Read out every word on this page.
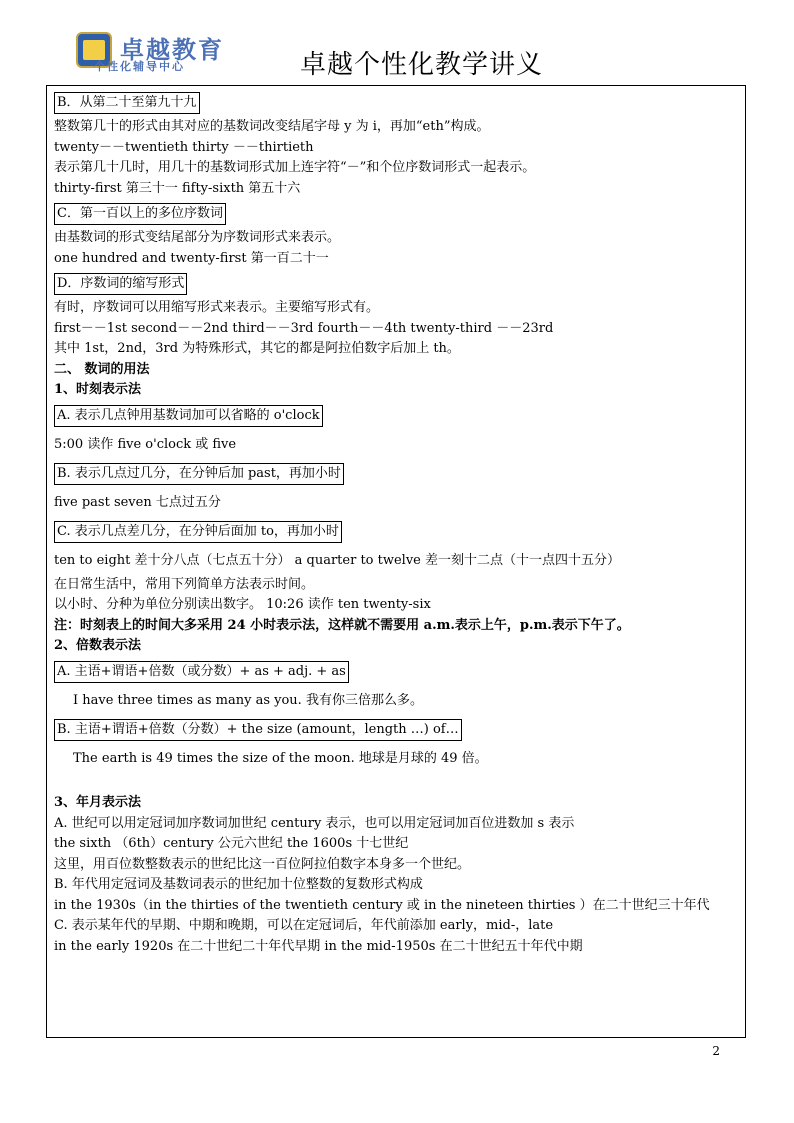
卓越教育
个性化辅导中心	卓越个性化教学讲义
B．从第二十至第九十九
整数第几十的形式由其对应的基数词改变结尾字母 y 为 i，再加“eth”构成。
twenty－－twentieth thirty －－thirtieth
表示第几十几时，用几十的基数词形式加上连字符“－”和个位序数词形式一起表示。
thirty-first 第三十一 fifty-sixth 第五十六
C．第一百以上的多位序数词
由基数词的形式变结尾部分为序数词形式来表示。
one hundred and twenty-first 第一百二十一
D．序数词的缩写形式
有时，序数词可以用缩写形式来表示。主要缩写形式有。
first－－1st second－－2nd third－－3rd fourth－－4th twenty-third －－23rd
其中 1st，2nd，3rd 为特殊形式，其它的都是阿拉伯数字后加上 th。
二、 数词的用法
1、时刻表示法
A. 表示几点钟用基数词加可以省略的 o'clock
5:00 读作 five o'clock 或 five
B. 表示几点过几分，在分钟后加 past，再加小时
five past seven 七点过五分
C. 表示几点差几分，在分钟后面加 to，再加小时
ten to eight 差十分八点（七点五十分） a quarter to twelve 差一刻十二点（十一点四十五分）
在日常生活中，常用下列简单方法表示时间。
以小时、分种为单位分别读出数字。 10:26 读作 ten twenty-six
注：时刻表上的时间大多采用 24 小时表示法，这样就不需要用 a.m.表示上午，p.m.表示下午了。
2、倍数表示法
A. 主语+谓语+倍数（或分数）+ as + adj. + as
I have three times as many as you. 我有你三倍那么多。
B. 主语+谓语+倍数（分数）+ the size (amount，length …) of…
The earth is 49 times the size of the moon. 地球是月球的 49 倍。
3、年月表示法
A. 世纪可以用定冠词加序数词加世纪 century 表示，也可以用定冠词加百位进数加 s 表示
the sixth （6th）century 公元六世纪 the 1600s 十七世纪
这里，用百位数整数表示的世纪比这一百位阿拉伯数字本身多一个世纪。
B. 年代用定冠词及基数词表示的世纪加十位整数的复数形式构成
in the 1930s（in the thirties of the twentieth century 或 in the nineteen thirties ）在二十世纪三十年代
C. 表示某年代的早期、中期和晚期，可以在定冠词后，年代前添加 early，mid-，late
in the early 1920s 在二十世纪二十年代早期 in the mid-1950s 在二十世纪五十年代中期
2
